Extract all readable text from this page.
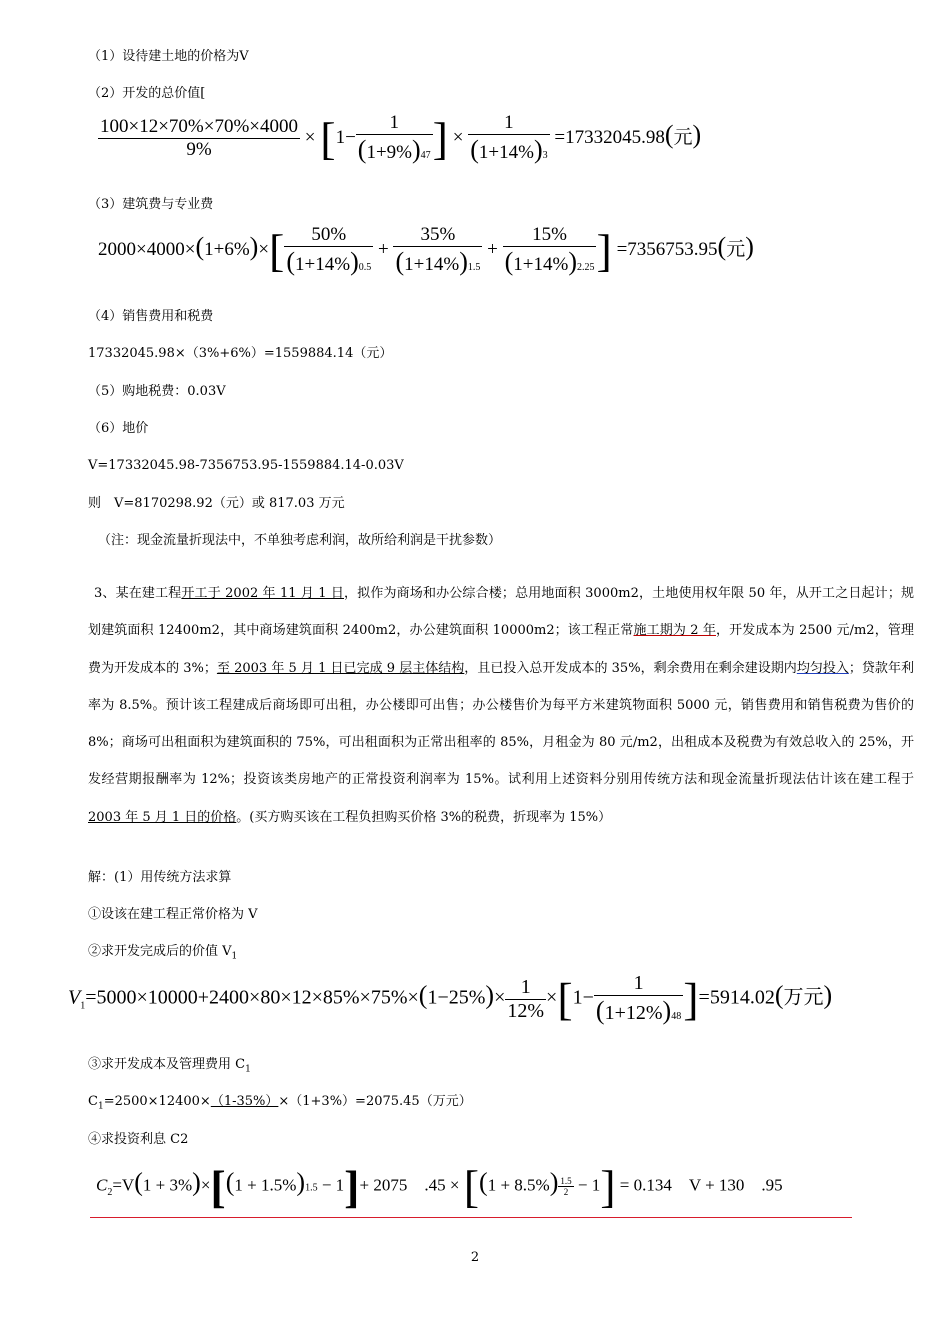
（1）设待建土地的价格为V
（2）开发的总价值[
$\frac{100\times 12\times 70\%\times 70\%\times 4000}{9\%} \times [1- \frac{1}{(1+9\%)47}$ ] × $\frac{1}{(1+14\%)3} =17332045.98$(元)
（3）建筑费与专业费
$2000\times 4000\times(1+6\%)\times[ \frac{50\%}{(1+14\%)0.5} + \frac{35\%}{(1+14\%)1.5} + \frac{15\%}{(1+14\%)2.25}$ ] =7356753.95(元)
（4）销售费用和税费
17332045.98×（3%+6%）=1559884.14（元）
（5）购地税费：0.03V
（6）地价
V=17332045.98-7356753.95-1559884.14-0.03V
则　V=8170298.92（元）或 817.03 万元
（注：现金流量折现法中，不单独考虑利润，故所给利润是干扰参数）
3、某在建工程开工于 2002 年 11 月 1 日，拟作为商场和办公综合楼；总用地面积 3000m2，土地使用权年限 50 年，从开工之日起计；规划建筑面积 12400m2，其中商场建筑面积 2400m2，办公建筑面积 10000m2；该工程正常施工期为 2 年，开发成本为 2500 元/m2，管理费为开发成本的 3%；至 2003 年 5 月 1 日已完成 9 层主体结构，且已投入总开发成本的 35%，剩余费用在剩余建设期内均匀投入；贷款年利率为 8.5%。预计该工程建成后商场即可出租，办公楼即可出售；办公楼售价为每平方米建筑物面积 5000 元，销售费用和销售税费为售价的 8%；商场可出租面积为建筑面积的 75%，可出租面积为正常出租率的 85%，月租金为 80 元/m2，出租成本及税费为有效总收入的 25%，开发经营期报酬率为 12%；投资该类房地产的正常投资利润率为 15%。试利用上述资料分别用传统方法和现金流量折现法估计该在建工程于2003 年 5 月 1 日的价格。(买方购买该在工程负担购买价格 3%的税费，折现率为 15%）
解：(1）用传统方法求算
①设该在建工程正常价格为 V
②求开发完成后的价值 $V_1$
$V_1=5000\times 10000+2400\times 80\times 12\times 85\%\times 75\%\times(1-25\%)\times \frac{1}{12\%} \times[1- \frac{1}{(1+12\%)48} ]=5914.02$(万元)
③求开发成本及管理费用 $C_1$
$C_1=2500\times 12400\times(1-35\%)\times(1+3\%)=2075.45$（万元）
④求投资利息 C2
$C_2=V(1 + 3\%)\times[(1 + 1.5\%)1.5 - 1]+ 2075$　$.45 \times [(1 + 8.5\%) \frac{1.5}{2} - 1] = 0.134$　V + 130　.95
2
